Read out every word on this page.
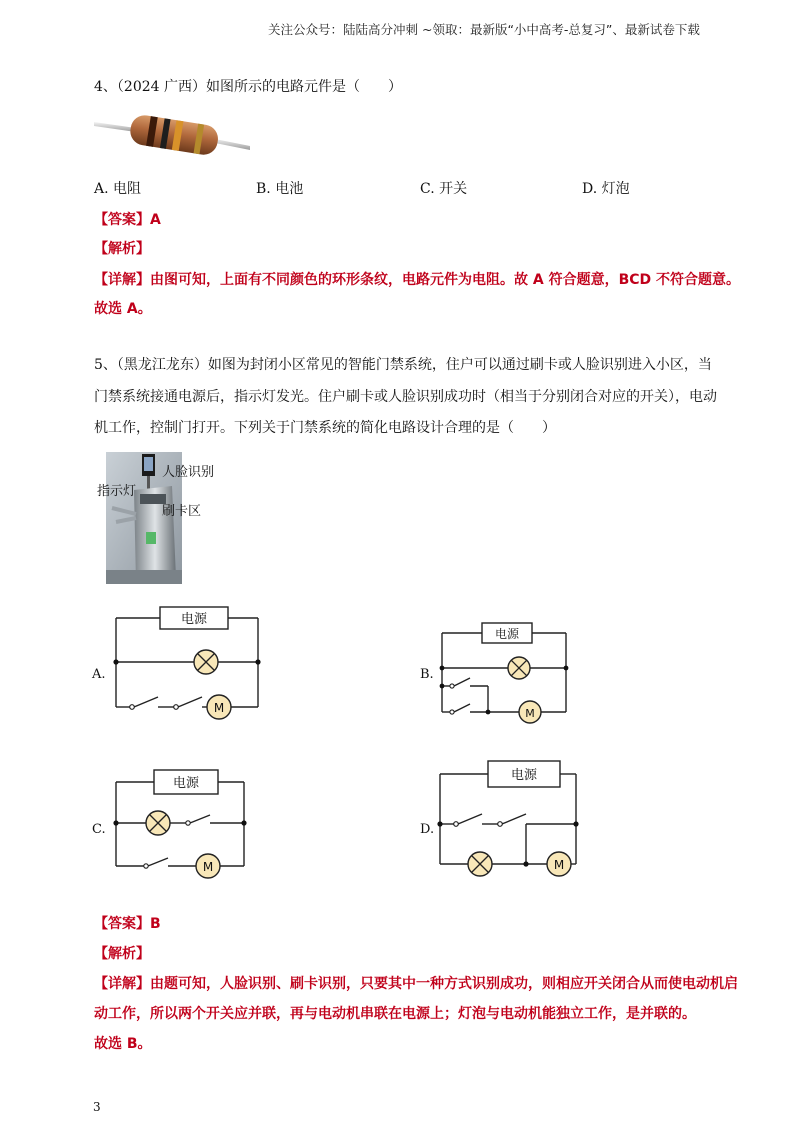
关注公众号：陆陆高分冲刺 ~领取：最新版“小中高考-总复习”、最新试卷下载
4、（2024 广西）如图所示的电路元件是（　　）
A. 电阻	B. 电池	C. 开关	D. 灯泡
【答案】A
【解析】
【详解】由图可知，上面有不同颜色的环形条纹，电路元件为电阻。故 A 符合题意，BCD 不符合题意。
故选 A。
5、（黑龙江龙东）如图为封闭小区常见的智能门禁系统，住户可以通过刷卡或人脸识别进入小区，当
门禁系统接通电源后，指示灯发光。住户刷卡或人脸识别成功时（相当于分别闭合对应的开关），电动
机工作，控制门打开。下列关于门禁系统的简化电路设计合理的是（　　）
人脸识别
指示灯
刷卡区
A.
电源
M
B.
电源
M
C.
电源
M
D.
电源
M
【答案】B
【解析】
【详解】由题可知，人脸识别、刷卡识别，只要其中一种方式识别成功，则相应开关闭合从而使电动机启
动工作，所以两个开关应并联，再与电动机串联在电源上；灯泡与电动机能独立工作，是并联的。
故选 B。
3
